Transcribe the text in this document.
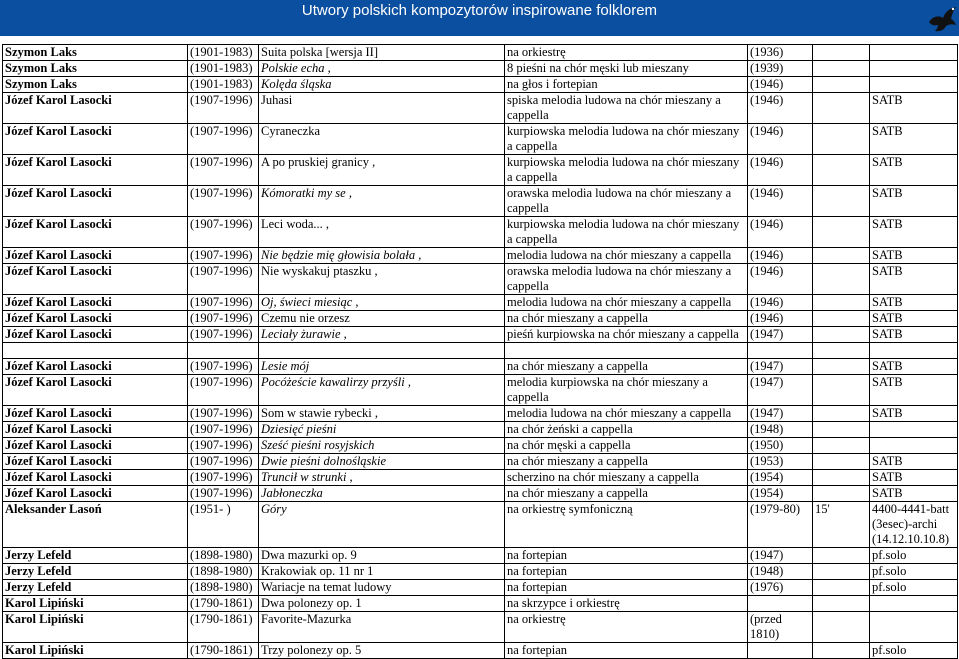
Utwory polskich kompozytorów inspirowane folklorem
Szymon Laks	(1901-1983)	Suita polska [wersja II]	na orkiestrę	(1936)		
Szymon Laks	(1901-1983)	Polskie echa ,	8 pieśni na chór męski lub mieszany	(1939)		
Szymon Laks	(1901-1983)	Kolęda śląska	na głos i fortepian	(1946)		
Józef Karol Lasocki	(1907-1996)	Juhasi	spiska melodia ludowa na chór mieszany a cappella	(1946)		SATB
Józef Karol Lasocki	(1907-1996)	Cyraneczka	kurpiowska melodia ludowa na chór mieszany a cappella	(1946)		SATB
Józef Karol Lasocki	(1907-1996)	A po pruskiej granicy ,	kurpiowska melodia ludowa na chór mieszany a cappella	(1946)		SATB
Józef Karol Lasocki	(1907-1996)	Kómoratki my se ,	orawska melodia ludowa na chór mieszany a cappella	(1946)		SATB
Józef Karol Lasocki	(1907-1996)	Leci woda... ,	kurpiowska melodia ludowa na chór mieszany a cappella	(1946)		SATB
Józef Karol Lasocki	(1907-1996)	Nie będzie mię głowisia bolała ,	melodia ludowa na chór mieszany a cappella	(1946)		SATB
Józef Karol Lasocki	(1907-1996)	Nie wyskakuj ptaszku ,	orawska melodia ludowa na chór mieszany a cappella	(1946)		SATB
Józef Karol Lasocki	(1907-1996)	Oj, świeci miesiąc ,	melodia ludowa na chór mieszany a cappella	(1946)		SATB
Józef Karol Lasocki	(1907-1996)	Czemu nie orzesz	na chór mieszany a cappella	(1946)		SATB
Józef Karol Lasocki	(1907-1996)	Leciały żurawie ,	pieśń kurpiowska na chór mieszany a cappella	(1947)		SATB

Józef Karol Lasocki	(1907-1996)	Lesie mój	na chór mieszany a cappella	(1947)		SATB
Józef Karol Lasocki	(1907-1996)	Pocóżeście kawalirzy przyśli ,	melodia kurpiowska na chór mieszany a cappella	(1947)		SATB
Józef Karol Lasocki	(1907-1996)	Som w stawie rybecki ,	melodia ludowa na chór mieszany a cappella	(1947)		SATB
Józef Karol Lasocki	(1907-1996)	Dziesięć pieśni	na chór żeński a cappella	(1948)		
Józef Karol Lasocki	(1907-1996)	Sześć pieśni rosyjskich	na chór męski a cappella	(1950)		
Józef Karol Lasocki	(1907-1996)	Dwie pieśni dolnośląskie	na chór mieszany a cappella	(1953)		SATB
Józef Karol Lasocki	(1907-1996)	Truncił w strunki ,	scherzino na chór mieszany a cappella	(1954)		SATB
Józef Karol Lasocki	(1907-1996)	Jabłoneczka	na chór mieszany a cappella	(1954)		SATB
Aleksander Lasoń	(1951- )	Góry	na orkiestrę symfoniczną	(1979-80)	15'	4400-4441-batt (3esec)-archi (14.12.10.10.8)
Jerzy Lefeld	(1898-1980)	Dwa mazurki op. 9	na fortepian	(1947)		pf.solo
Jerzy Lefeld	(1898-1980)	Krakowiak op. 11 nr 1	na fortepian	(1948)		pf.solo
Jerzy Lefeld	(1898-1980)	Wariacje na temat ludowy	na fortepian	(1976)		pf.solo
Karol Lipiński	(1790-1861)	Dwa polonezy op. 1	na skrzypce i orkiestrę			
Karol Lipiński	(1790-1861)	Favorite-Mazurka	na orkiestrę	(przed 1810)		
Karol Lipiński	(1790-1861)	Trzy polonezy op. 5	na fortepian			pf.solo
